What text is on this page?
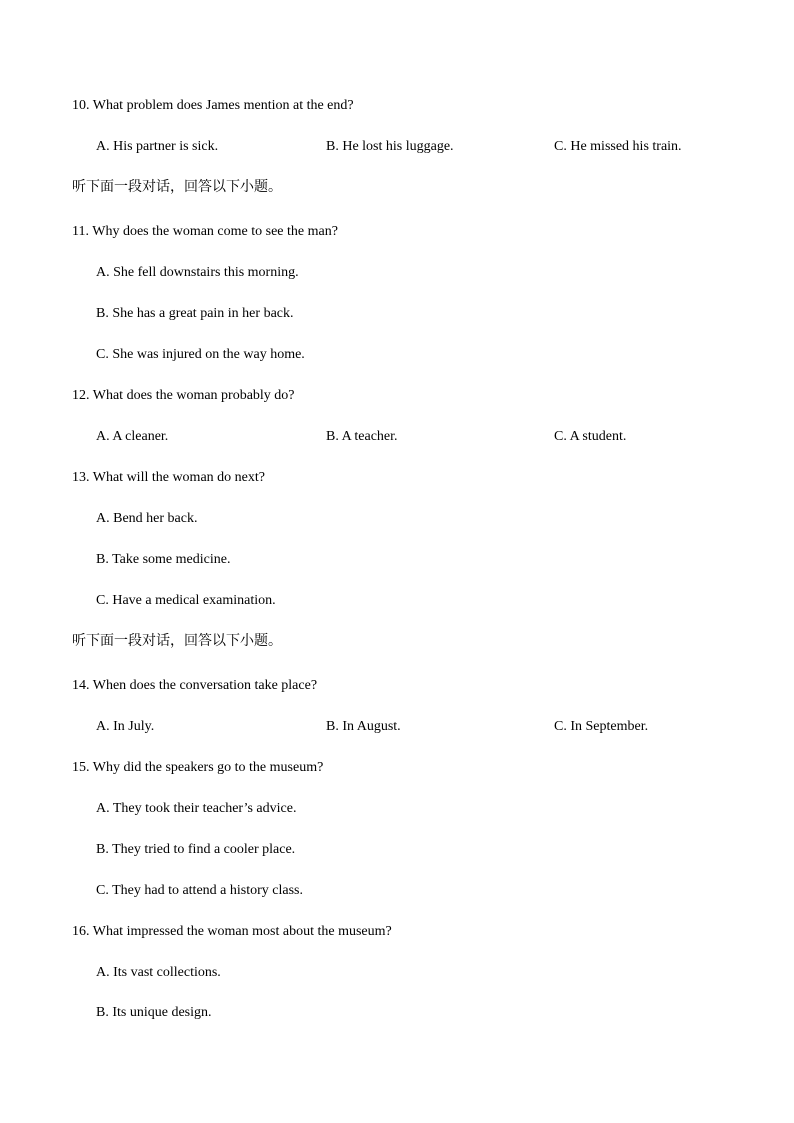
10. What problem does James mention at the end?
A. His partner is sick.	B. He lost his luggage.	C. He missed his train.
听下面一段对话，回答以下小题。
11. Why does the woman come to see the man?
A. She fell downstairs this morning.
B. She has a great pain in her back.
C. She was injured on the way home.
12. What does the woman probably do?
A. A cleaner.	B. A teacher.	C. A student.
13. What will the woman do next?
A. Bend her back.
B. Take some medicine.
C. Have a medical examination.
听下面一段对话，回答以下小题。
14. When does the conversation take place?
A. In July.	B. In August.	C. In September.
15. Why did the speakers go to the museum?
A. They took their teacher’s advice.
B. They tried to find a cooler place.
C. They had to attend a history class.
16. What impressed the woman most about the museum?
A. Its vast collections.
B. Its unique design.
